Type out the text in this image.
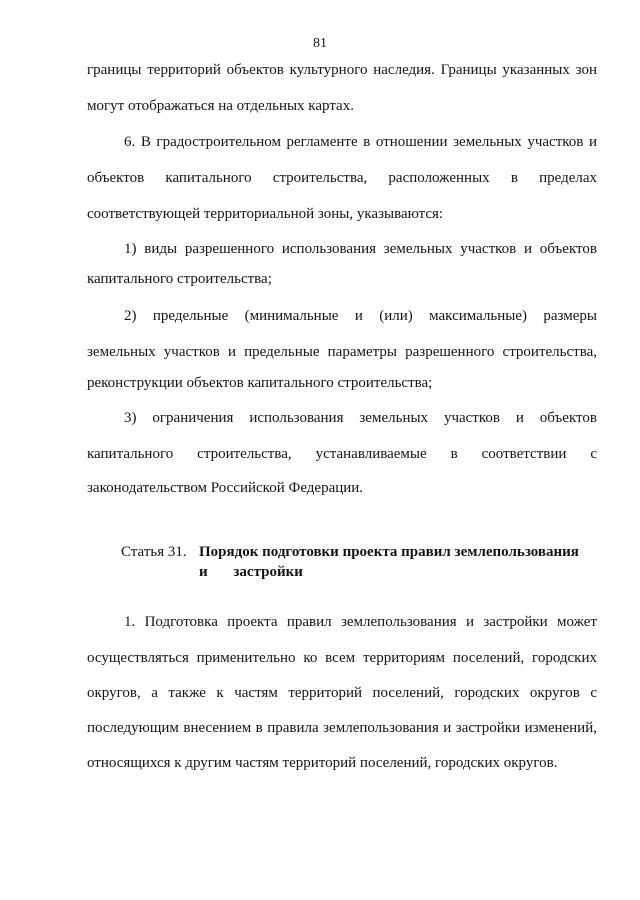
81
границы территорий объектов культурного наследия. Границы указанных зон
могут отображаться на отдельных картах.
6. В градостроительном регламенте в отношении земельных участков и
объектов капитального строительства, расположенных в пределах
соответствующей территориальной зоны, указываются:
1) виды разрешенного использования земельных участков и объектов
капитального строительства;
2) предельные (минимальные и (или) максимальные) размеры
земельных участков и предельные параметры разрешенного строительства,
реконструкции объектов капитального строительства;
3) ограничения использования земельных участков и объектов
капитального строительства, устанавливаемые в соответствии с
законодательством Российской Федерации.
Статья 31. Порядок подготовки проекта правил землепользования
и застройки
1. Подготовка проекта правил землепользования и застройки может
осуществляться применительно ко всем территориям поселений, городских
округов, а также к частям территорий поселений, городских округов с
последующим внесением в правила землепользования и застройки изменений,
относящихся к другим частям территорий поселений, городских округов.
